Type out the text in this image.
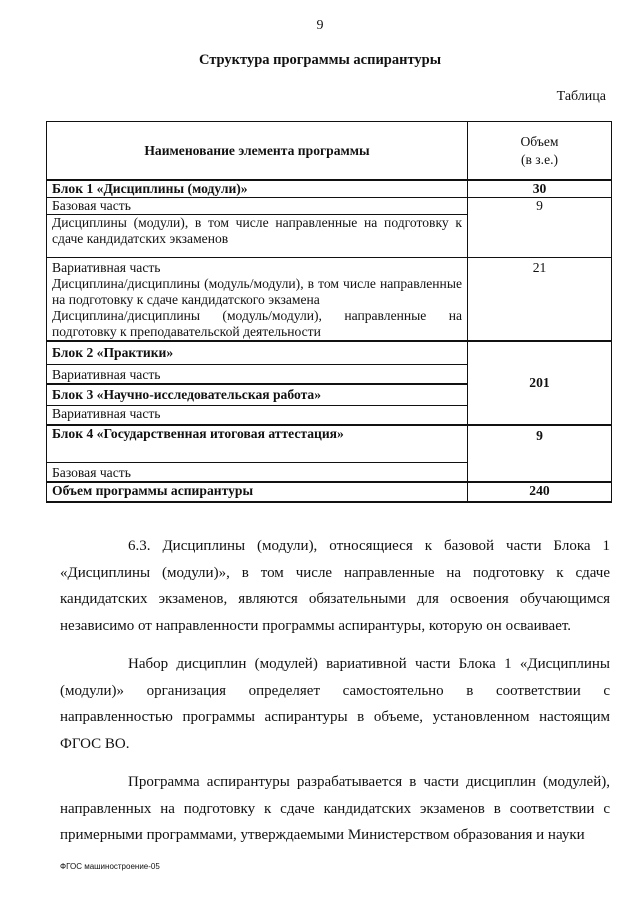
9
Структура программы аспирантуры
Таблица
Наименование элемента программы	Объем
(в з.е.)
Блок 1 «Дисциплины (модули)»	30
Базовая часть	9
Дисциплины (модули), в том числе направленные на подготовку к сдаче кандидатских экзаменов	

Вариативная часть
Дисциплина/дисциплины (модуль/модули), в том числе направленные на подготовку к сдаче кандидатского экзамена
Дисциплина/дисциплины (модуль/модули), направленные на подготовку к преподавательской деятельности	21
Блок 2 «Практики»	201
Вариативная часть	
Блок 3 «Научно-исследовательская работа»	
Вариативная часть	
Блок 4 «Государственная итоговая аттестация»	9
Базовая часть	
Объем программы аспирантуры	240

6.3. Дисциплины (модули), относящиеся к базовой части Блока 1 «Дисциплины (модули)», в том числе направленные на подготовку к сдаче кандидатских экзаменов, являются обязательными для освоения обучающимся независимо от направленности программы аспирантуры, которую он осваивает.

Набор дисциплин (модулей) вариативной части Блока 1 «Дисциплины (модули)» организация определяет самостоятельно в соответствии с направленностью программы аспирантуры в объеме, установленном настоящим ФГОС ВО.

Программа аспирантуры разрабатывается в части дисциплин (модулей), направленных на подготовку к сдаче кандидатских экзаменов в соответствии с примерными программами, утверждаемыми Министерством образования и науки

ФГОС машиностроение-05
